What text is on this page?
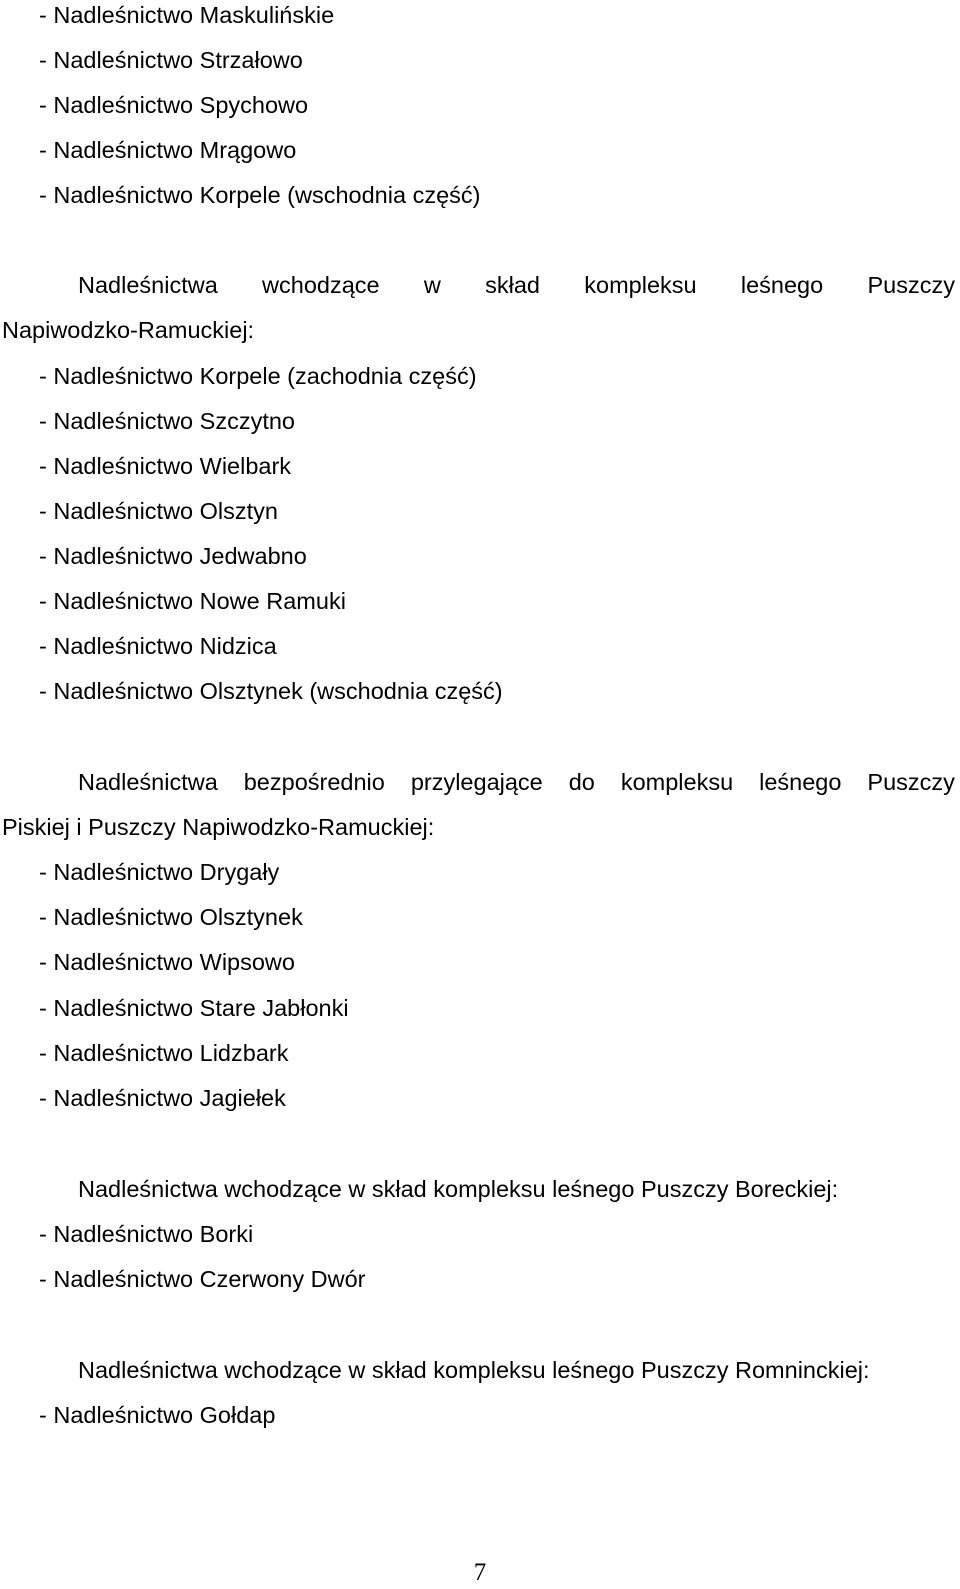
- Nadleśnictwo Maskulińskie
- Nadleśnictwo Strzałowo
- Nadleśnictwo Spychowo
- Nadleśnictwo Mrągowo
- Nadleśnictwo Korpele (wschodnia część)
Nadleśnictwa wchodzące w skład kompleksu leśnego Puszczy
Napiwodzko-Ramuckiej:
- Nadleśnictwo Korpele (zachodnia część)
- Nadleśnictwo Szczytno
- Nadleśnictwo Wielbark
- Nadleśnictwo Olsztyn
- Nadleśnictwo Jedwabno
- Nadleśnictwo Nowe Ramuki
- Nadleśnictwo Nidzica
- Nadleśnictwo Olsztynek (wschodnia część)
Nadleśnictwa bezpośrednio przylegające do kompleksu leśnego Puszczy
Piskiej i Puszczy Napiwodzko-Ramuckiej:
- Nadleśnictwo Drygały
- Nadleśnictwo Olsztynek
- Nadleśnictwo Wipsowo
- Nadleśnictwo Stare Jabłonki
- Nadleśnictwo Lidzbark
- Nadleśnictwo Jagiełek
Nadleśnictwa wchodzące w skład kompleksu leśnego Puszczy Boreckiej:
- Nadleśnictwo Borki
- Nadleśnictwo Czerwony Dwór
Nadleśnictwa wchodzące w skład kompleksu leśnego Puszczy Romninckiej:
- Nadleśnictwo Gołdap
7
